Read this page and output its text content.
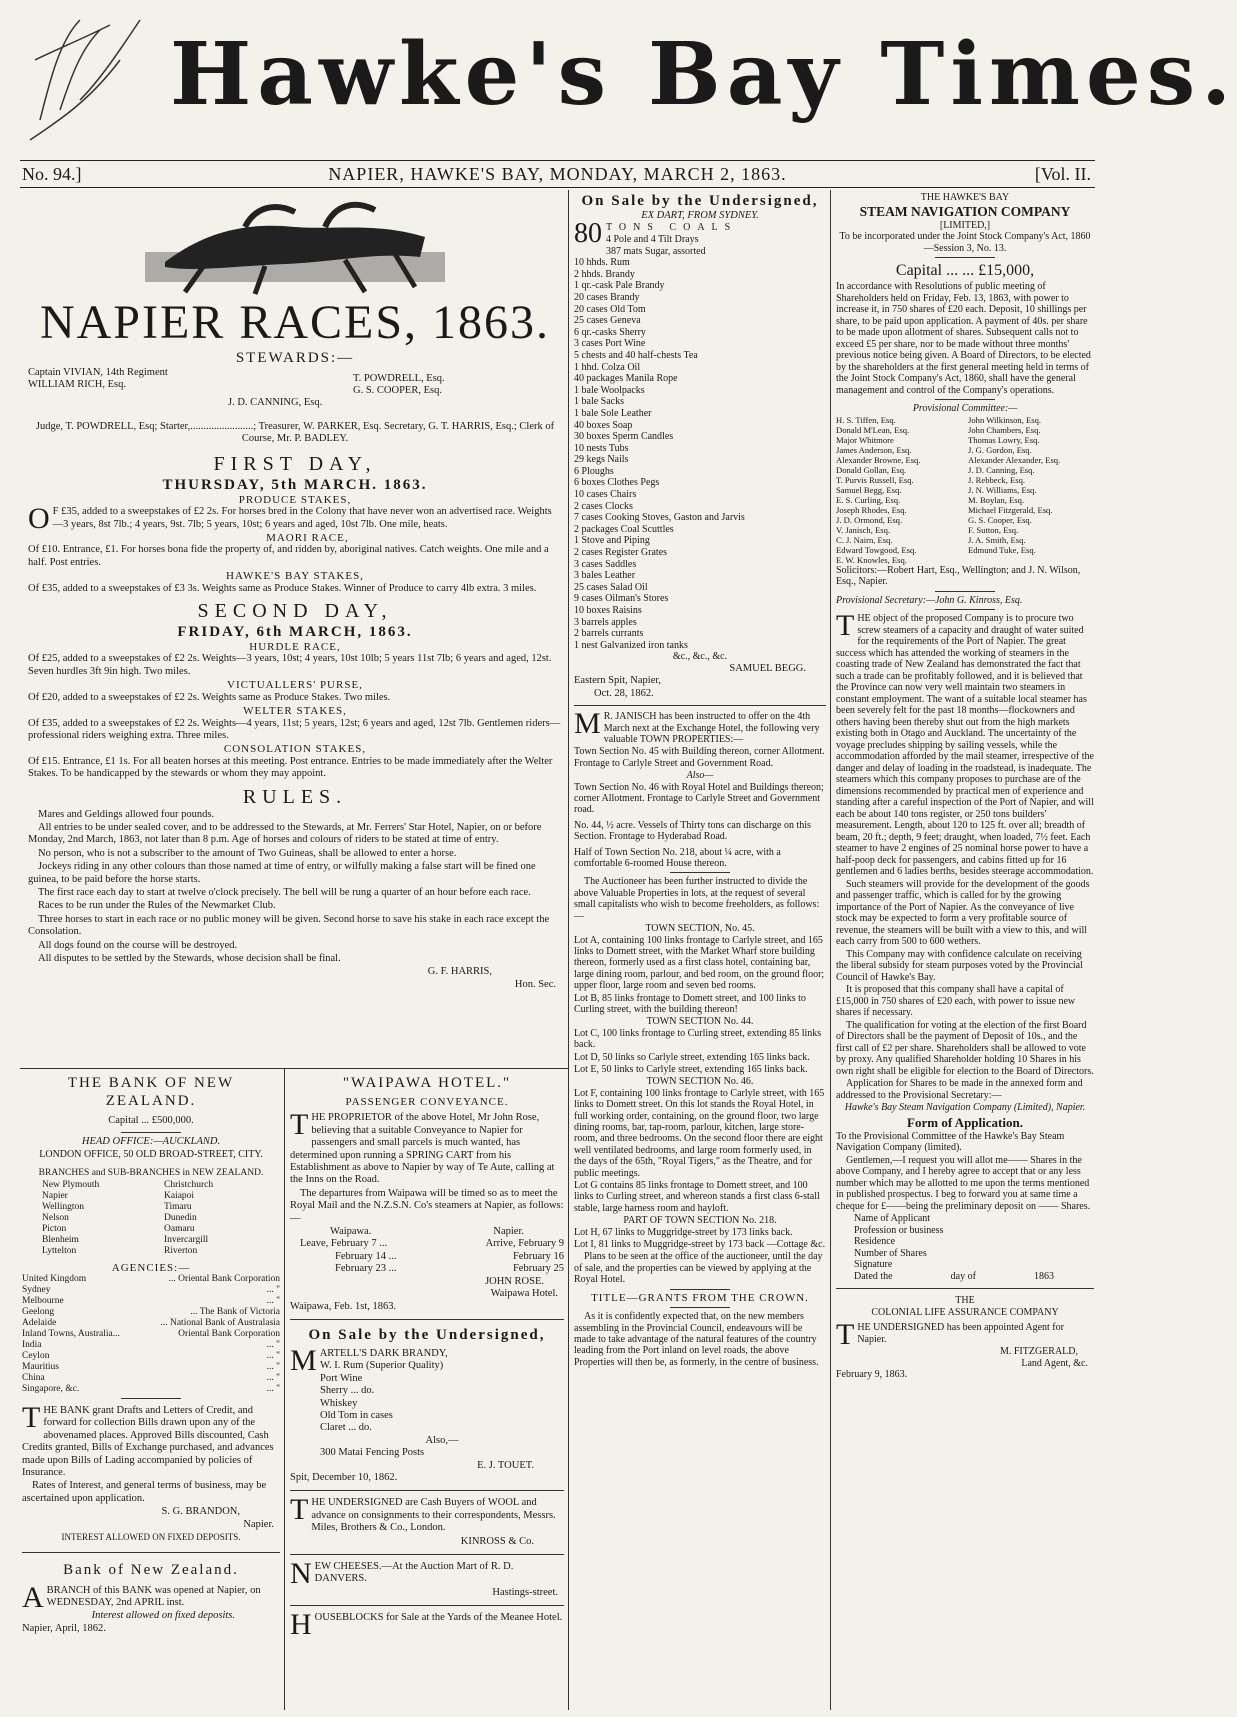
Hawke's Bay Times.
No. 94.]	NAPIER, HAWKE'S BAY, MONDAY, MARCH 2, 1863.	[Vol. II.
NAPIER RACES, 1863.
STEWARDS:—
Captain VIVIAN, 14th Regiment
WILLIAM RICH, Esq.
T. POWDRELL, Esq.
G. S. COOPER, Esq.
J. D. CANNING, Esq.
Judge, T. POWDRELL, Esq; Starter,........................; Treasurer, W. PARKER, Esq. Secretary, G. T. HARRIS, Esq.; Clerk of Course, Mr. P. BADLEY.
FIRST DAY,
THURSDAY, 5th MARCH. 1863.
PRODUCE STAKES,
O F £35, added to a sweepstakes of £2 2s. For horses bred in the Colony that have never won an advertised race. Weights—3 years, 8st 7lb.; 4 years, 9st. 7lb; 5 years, 10st; 6 years and aged, 10st 7lb. One mile, heats.
MAORI RACE,
Of £10. Entrance, £1. For horses bona fide the property of, and ridden by, aboriginal natives. Catch weights. One mile and a half. Post entries.
HAWKE'S BAY STAKES,
Of £35, added to a sweepstakes of £3 3s. Weights same as Produce Stakes. Winner of Produce to carry 4lb extra. 3 miles.
SECOND DAY,
FRIDAY, 6th MARCH, 1863.
HURDLE RACE,
Of £25, added to a sweepstakes of £2 2s. Weights—3 years, 10st; 4 years, 10st 10lb; 5 years 11st 7lb; 6 years and aged, 12st. Seven hurdles 3ft 9in high. Two miles.
VICTUALLERS' PURSE,
Of £20, added to a sweepstakes of £2 2s. Weights same as Produce Stakes. Two miles.
WELTER STAKES,
Of £35, added to a sweepstakes of £2 2s. Weights—4 years, 11st; 5 years, 12st; 6 years and aged, 12st 7lb. Gentlemen riders—professional riders weighing extra. Three miles.
CONSOLATION STAKES,
Of £15. Entrance, £1 1s. For all beaten horses at this meeting. Post entrance. Entries to be made immediately after the Welter Stakes. To be handicapped by the stewards or whom they may appoint.
RULES.
Mares and Geldings allowed four pounds.
All entries to be under sealed cover, and to be addressed to the Stewards, at Mr. Ferrers' Star Hotel, Napier, on or before Monday, 2nd March, 1863, not later than 8 p.m. Age of horses and colours of riders to be stated at time of entry.
No person, who is not a subscriber to the amount of Two Guineas, shall be allowed to enter a horse.
Jockeys riding in any other colours than those named at time of entry, or wilfully making a false start will be fined one guinea, to be paid before the horse starts.
The first race each day to start at twelve o'clock precisely. The bell will be rung a quarter of an hour before each race.
Races to be run under the Rules of the Newmarket Club.
Three horses to start in each race or no public money will be given. Second horse to save his stake in each race except the Consolation.
All dogs found on the course will be destroyed.
All disputes to be settled by the Stewards, whose decision shall be final.
G. F. HARRIS,
Hon. Sec.
THE BANK OF NEW ZEALAND.
Capital ... £500,000.
HEAD OFFICE:—AUCKLAND.
LONDON OFFICE, 50 OLD BROAD-STREET, CITY.
BRANCHES and SUB-BRANCHES in NEW ZEALAND.
New Plymouth	Christchurch
Napier	Kaiapoi
Wellington	Timaru
Nelson	Dunedin
Picton	Oamaru
Blenheim	Invercargill
Lyttelton	Riverton
AGENCIES:—
United Kingdom	... Oriental Bank Corporation
Sydney	... "
Melbourne	... "
Geelong	... The Bank of Victoria
Adelaide	... National Bank of Australasia
Inland Towns, Australia...	Oriental Bank Corporation
India	... "
Ceylon	... "
Mauritius	... "
China	... "
Singapore, &c.	... "
THE BANK grant Drafts and Letters of Credit, and forward for collection Bills drawn upon any of the abovenamed places. Approved Bills discounted, Cash Credits granted, Bills of Exchange purchased, and advances made upon Bills of Lading accompanied by policies of Insurance.
Rates of Interest, and general terms of business, may be ascertained upon application.
S. G. BRANDON,
Napier.
INTEREST ALLOWED ON FIXED DEPOSITS.
Bank of New Zealand.
ABRANCH of this BANK was opened at Napier, on WEDNESDAY, 2nd APRIL inst.
Interest allowed on fixed deposits.
Napier, April, 1862.
"WAIPAWA HOTEL."
PASSENGER CONVEYANCE.
THE PROPRIETOR of the above Hotel, Mr John Rose, believing that a suitable Conveyance to Napier for passengers and small parcels is much wanted, has determined upon running a SPRING CART from his Establishment as above to Napier by way of Te Aute, calling at the Inns on the Road.
The departures from Waipawa will be timed so as to meet the Royal Mail and the N.Z.S.N. Co's steamers at Napier, as follows:—
Waipawa.	Napier.
Leave, February 7 ...	Arrive, February 9
February 14 ...	February 16
February 23 ...	February 25
JOHN ROSE.
Waipawa Hotel.
Waipawa, Feb. 1st, 1863.
On Sale by the Undersigned,
MARTELL'S DARK BRANDY,
W. I. Rum (Superior Quality)
Port Wine
Sherry ... do.
Whiskey
Old Tom in cases
Claret ... do.
Also,—
300 Matai Fencing Posts
E. J. TOUET.
Spit, December 10, 1862.
THE UNDERSIGNED are Cash Buyers of WOOL and advance on consignments to their correspondents, Messrs. Miles, Brothers & Co., London.
KINROSS & Co.
NEW CHEESES.—At the Auction Mart of R. D. DANVERS.
Hastings-street.
HOUSEBLOCKS for Sale at the Yards of the Meanee Hotel.
On Sale by the Undersigned,
EX DART, FROM SYDNEY.
80 TONS COALS
4 Pole and 4 Tilt Drays
387 mats Sugar, assorted
10 hhds. Rum
2 hhds. Brandy
1 qr.-cask Pale Brandy
20 cases Brandy
20 cases Old Tom
25 cases Geneva
6 qr.-casks Sherry
3 cases Port Wine
5 chests and 40 half-chests Tea
1 hhd. Colza Oil
40 packages Manila Rope
1 bale Woolpacks
1 bale Sacks
1 bale Sole Leather
40 boxes Soap
30 boxes Sperm Candles
10 nests Tubs
29 kegs Nails
6 Ploughs
6 boxes Clothes Pegs
10 cases Chairs
2 cases Clocks
7 cases Cooking Stoves, Gaston and Jarvis
2 packages Coal Scuttles
1 Stove and Piping
2 cases Register Grates
3 cases Saddles
3 bales Leather
25 cases Salad Oil
9 cases Oilman's Stores
10 boxes Raisins
3 barrels apples
2 barrels currants
1 nest Galvanized iron tanks
&c., &c., &c.
SAMUEL BEGG.
Eastern Spit, Napier,
Oct. 28, 1862.
M R. JANISCH has been instructed to offer on the 4th March next at the Exchange Hotel, the following very valuable TOWN PROPERTIES:—
Town Section No. 45 with Building thereon, corner Allotment. Frontage to Carlyle Street and Government Road.
Also—
Town Section No. 46 with Royal Hotel and Buildings thereon; corner Allotment. Frontage to Carlyle Street and Government road.
No. 44, ½ acre. Vessels of Thirty tons can discharge on this Section. Frontage to Hyderabad Road.
Half of Town Section No. 218, about ¼ acre, with a comfortable 6-roomed House thereon.
The Auctioneer has been further instructed to divide the above Valuable Properties in lots, at the request of several small capitalists who wish to become freeholders, as follows:—
TOWN SECTION, No. 45.
Lot A, containing 100 links frontage to Carlyle street, and 165 links to Domett street, with the Market Wharf store building thereon, formerly used as a first class hotel, containing bar, large dining room, parlour, and bed room, on the ground floor; upper floor, large room and seven bed rooms.
Lot B, 85 links frontage to Domett street, and 100 links to Curling street, with the building thereon!
TOWN SECTION No. 44.
Lot C, 100 links frontage to Curling street, extending 85 links back.
Lot D, 50 links so Carlyle street, extending 165 links back.
Lot E, 50 links to Carlyle street, extending 165 links back.
TOWN SECTION No. 46.
Lot F, containing 100 links frontage to Carlyle street, with 165 links to Domett street. On this lot stands the Royal Hotel, in full working order, containing, on the ground floor, two large dining rooms, bar, tap-room, parlour, kitchen, large store-room, and three bedrooms. On the second floor there are eight well ventilated bedrooms, and large room formerly used, in the days of the 65th, "Royal Tigers," as the Theatre, and for public meetings.
Lot G contains 85 links frontage to Domett street, and 100 links to Curling street, and whereon stands a first class 6-stall stable, large harness room and hayloft.
PART OF TOWN SECTION No. 218.
Lot H, 67 links to Muggridge-street by 173 links back.
Lot I, 81 links to Muggridge-street by 173 back —Cottage &c.
Plans to be seen at the office of the auctioneer, until the day of sale, and the properties can be viewed by applying at the Royal Hotel.
TITLE—GRANTS FROM THE CROWN.
As it is confidently expected that, on the new members assembling in the Provincial Council, endeavours will be made to take advantage of the natural features of the country leading from the Port inland on level roads, the above Properties will then be, as formerly, in the centre of business.
THE HAWKE'S BAY
STEAM NAVIGATION COMPANY
[LIMITED,]
To be incorporated under the Joint Stock Company's Act, 1860—Session 3, No. 13.
Capital ... ... £15,000,
In accordance with Resolutions of public meeting of Shareholders held on Friday, Feb. 13, 1863, with power to increase it, in 750 shares of £20 each. Deposit, 10 shillings per share, to be paid upon application. A payment of 40s. per share to be made upon allotment of shares. Subsequent calls not to exceed £5 per share, nor to be made without three months' previous notice being given. A Board of Directors, to be elected by the shareholders at the first general meeting held in terms of the Joint Stock Company's Act, 1860, shall have the general management and control of the Company's operations.
Provisional Committee:—
H. S. Tiffen, Esq.	John Wilkinson, Esq.
Donald M'Lean, Esq.	John Chambers, Esq.
Major Whitmore	Thomas Lowry, Esq.
James Anderson, Esq.	J. G. Gordon, Esq.
Alexander Browne, Esq.	Alexander Alexander, Esq.
Donald Gollan, Esq.	J. D. Canning, Esq.
T. Purvis Russell, Esq.	J. Rebbeck, Esq.
Samuel Begg, Esq.	J. N. Williams, Esq.
E. S. Curling, Esq.	M. Boylan, Esq.
Joseph Rhodes, Esq.	Michael Fitzgerald, Esq.
J. D. Ormond, Esq.	G. S. Cooper, Esq.
V. Janisch, Esq.	F. Sutton, Esq.
C. J. Nairn, Esq.	J. A. Smith, Esq.
Edward Towgood, Esq.	Edmund Tuke, Esq.
E. W. Knowles, Esq.
Solicitors:—Robert Hart, Esq., Wellington; and J. N. Wilson, Esq., Napier.
Provisional Secretary:—John G. Kinross, Esq.
THE object of the proposed Company is to procure two screw steamers of a capacity and draught of water suited for the requirements of the Port of Napier. The great success which has attended the working of steamers in the coasting trade of New Zealand has demonstrated the fact that such a trade can be profitably followed, and it is believed that the Province can now very well maintain two steamers in constant employment. The want of a suitable local steamer has been severely felt for the past 18 months—flockowners and others having been thereby shut out from the high markets existing both in Otago and Auckland. The uncertainty of the voyage precludes shipping by sailing vessels, while the accommodation afforded by the mail steamer, irrespective of the danger and delay of loading in the roadstead, is inadequate. The steamers which this company proposes to purchase are of the dimensions recommended by practical men of experience and standing after a careful inspection of the Port of Napier, and will each be about 140 tons register, or 250 tons builders' measurement. Length, about 120 to 125 ft. over all; breadth of beam, 20 ft.; depth, 9 feet; draught, when loaded, 7½ feet. Each steamer to have 2 engines of 25 nominal horse power to have a half-poop deck for passengers, and cabins fitted up for 16 gentlemen and 6 ladies berths, besides steerage accommodation.
Such steamers will provide for the development of the goods and passenger traffic, which is called for by the growing importance of the Port of Napier. As the conveyance of live stock may be expected to form a very profitable source of revenue, the steamers will be built with a view to this, and will each carry from 500 to 600 wethers.
This Company may with confidence calculate on receiving the liberal subsidy for steam purposes voted by the Provincial Council of Hawke's Bay.
It is proposed that this company shall have a capital of £15,000 in 750 shares of £20 each, with power to issue new shares if necessary.
The qualification for voting at the election of the first Board of Directors shall be the payment of Deposit of 10s., and the first call of £2 per share. Shareholders shall be allowed to vote by proxy. Any qualified Shareholder holding 10 Shares in his own right shall be eligible for election to the Board of Directors.
Application for Shares to be made in the annexed form and addressed to the Provisional Secretary:—
Hawke's Bay Steam Navigation Company (Limited), Napier.
Form of Application.
To the Provisional Committee of the Hawke's Bay Steam Navigation Company (limited).
Gentlemen,—I request you will allot me—— Shares in the above Company, and I hereby agree to accept that or any less number which may be allotted to me upon the terms mentioned in published prospectus. I beg to forward you at same time a cheque for £——being the preliminary deposit on —— Shares.
Name of Applicant
Profession or business
Residence
Number of Shares
Signature
Dated the	day of	1863
THE
COLONIAL LIFE ASSURANCE COMPANY
THE UNDERSIGNED has been appointed Agent for Napier.
M. FITZGERALD,
Land Agent, &c.
February 9, 1863.
